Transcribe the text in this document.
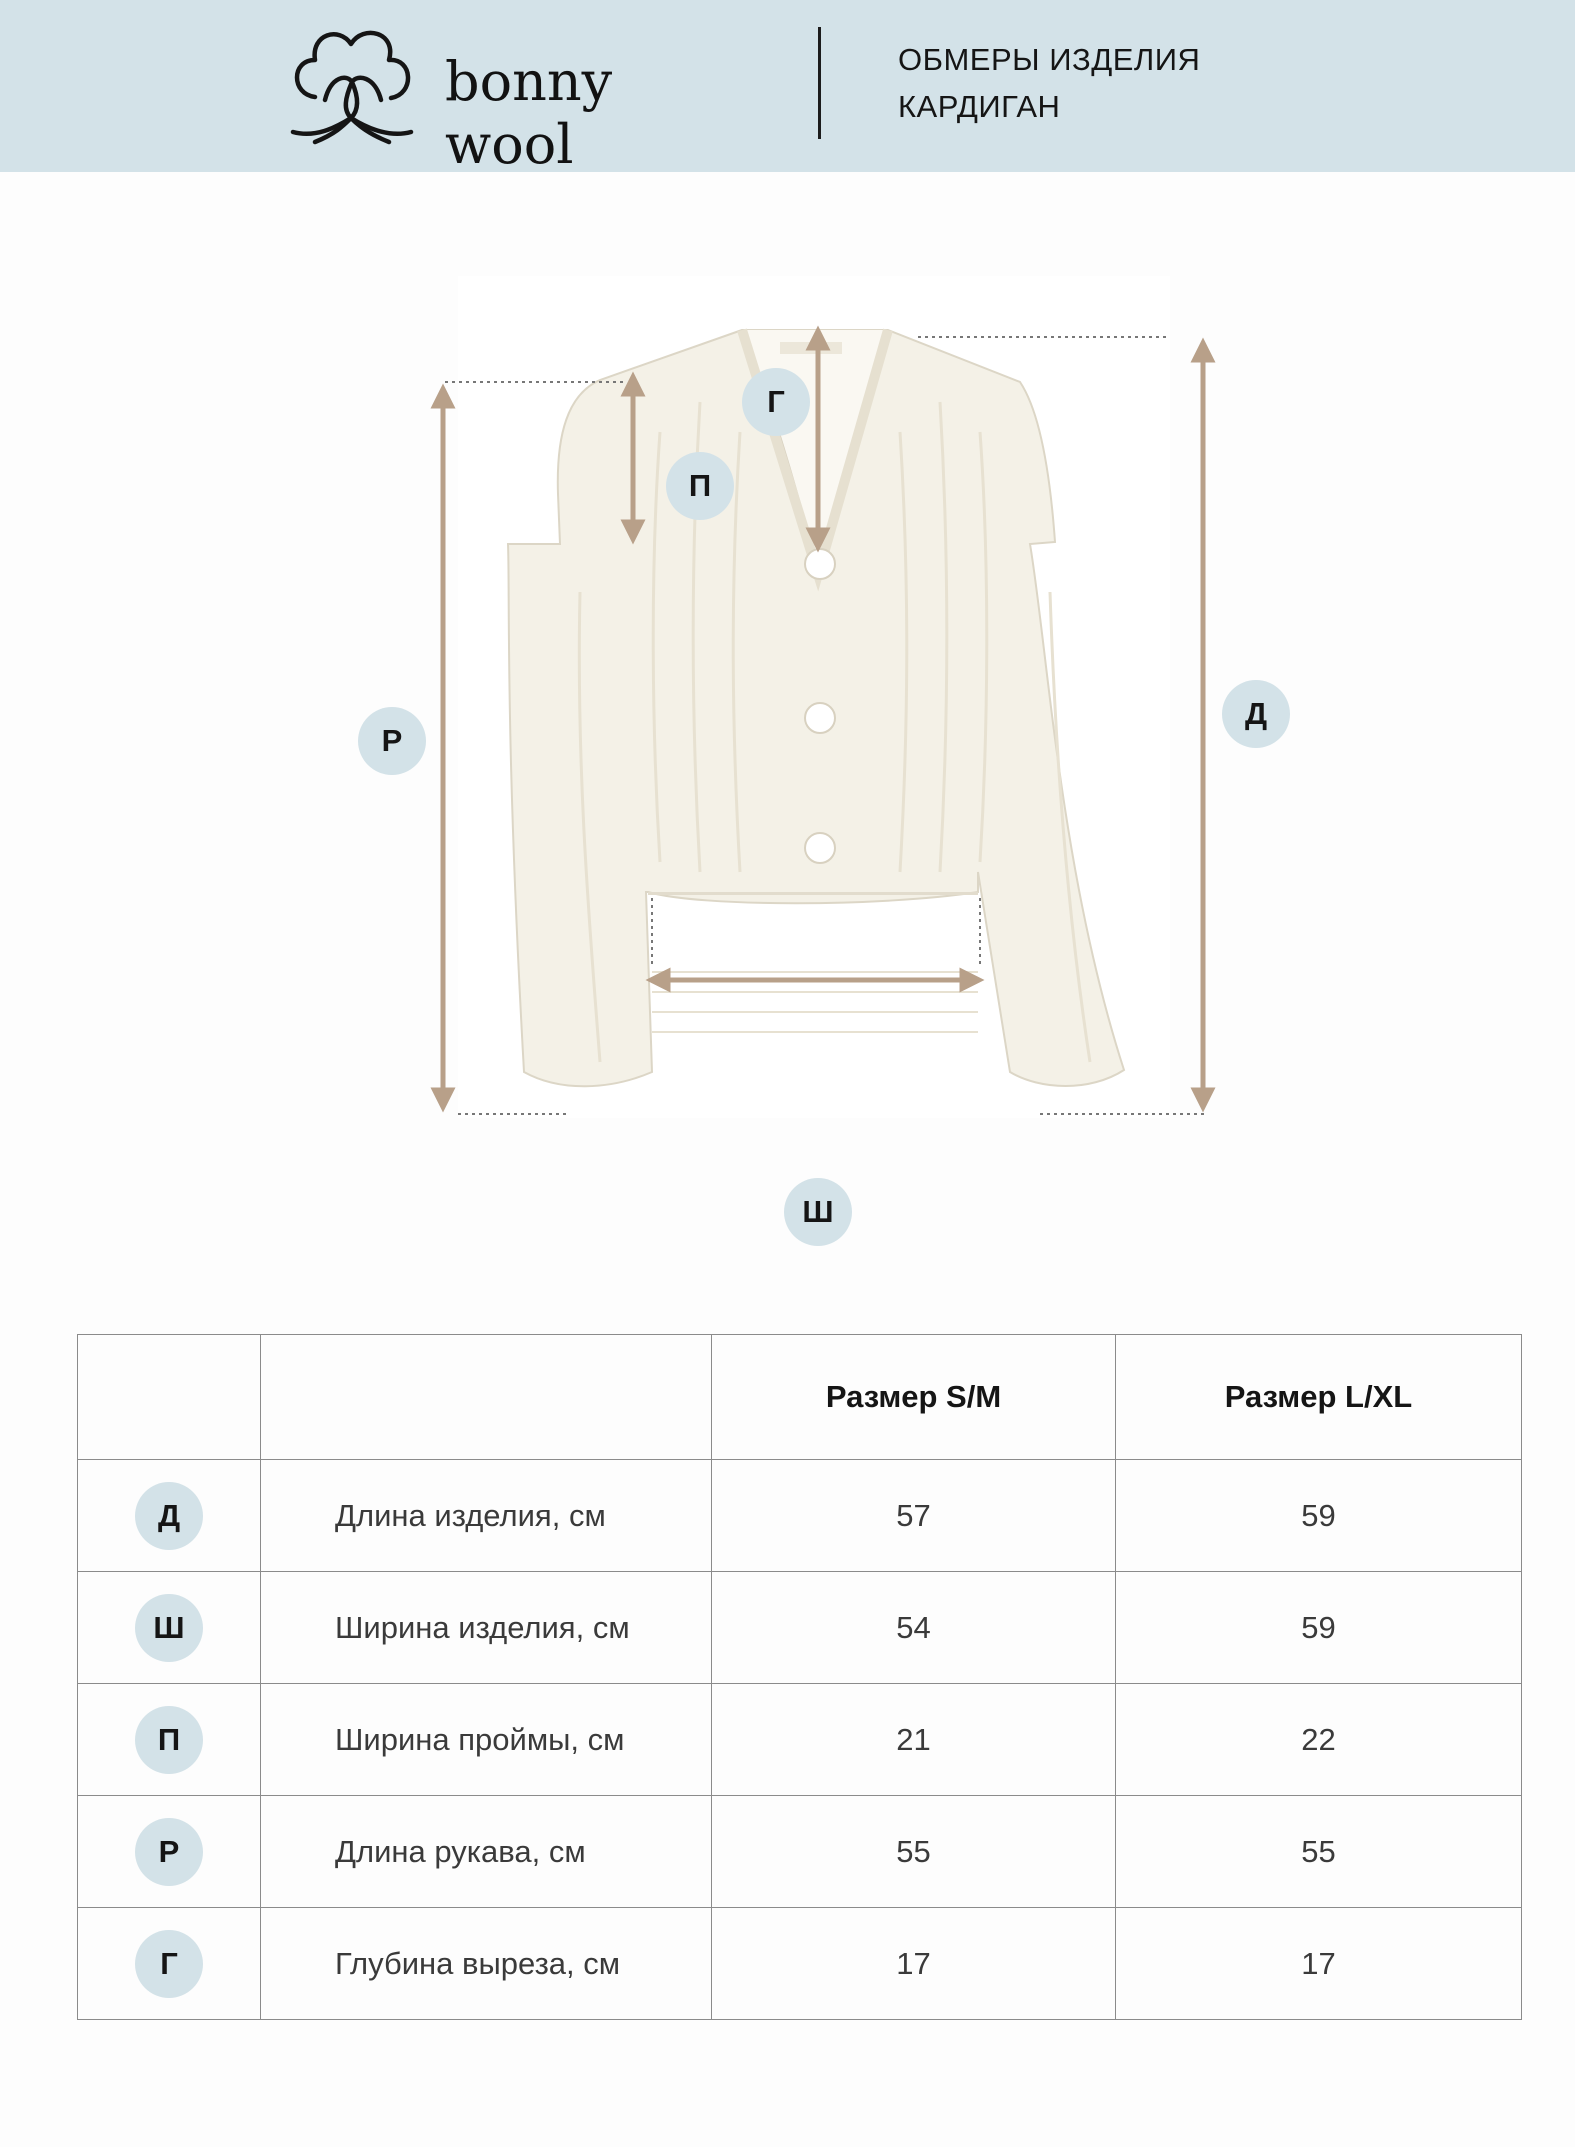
bonny wool
ОБМЕРЫ ИЗДЕЛИЯ
КАРДИГАН
Г
П
Р
Д
Ш
		Размер S/M	Размер L/XL
Д	Длина изделия, см	57	59
Ш	Ширина изделия, см	54	59
П	Ширина проймы, см	21	22
Р	Длина рукава, см	55	55
Г	Глубина выреза, см	17	17
